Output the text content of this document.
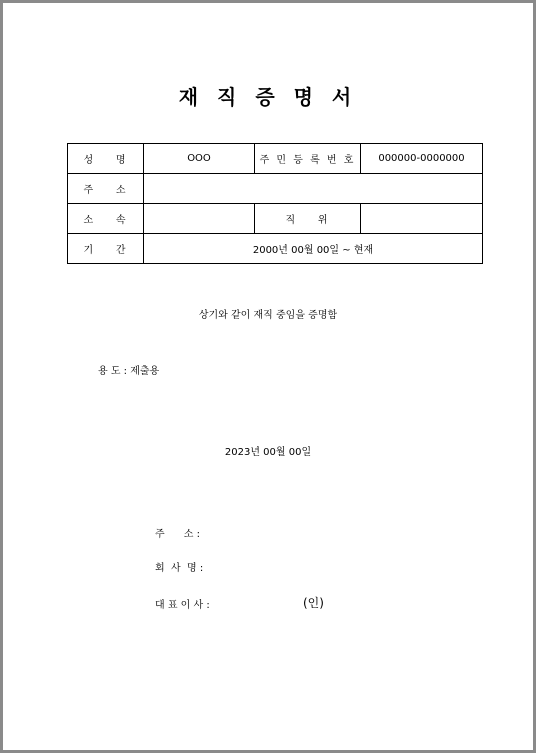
재 직 증 명 서
성    명	OOO	주 민 등 록 번 호	000000-0000000
주    소			
소    속		직    위	
기    간	2000년 00월 00일 ~ 현재		
상기와 같이 재직 중임을 증명함
용 도 : 제출용
2023년 00월 00일
주      소 :
회  사  명 :
대 표 이 사 :	(인)
